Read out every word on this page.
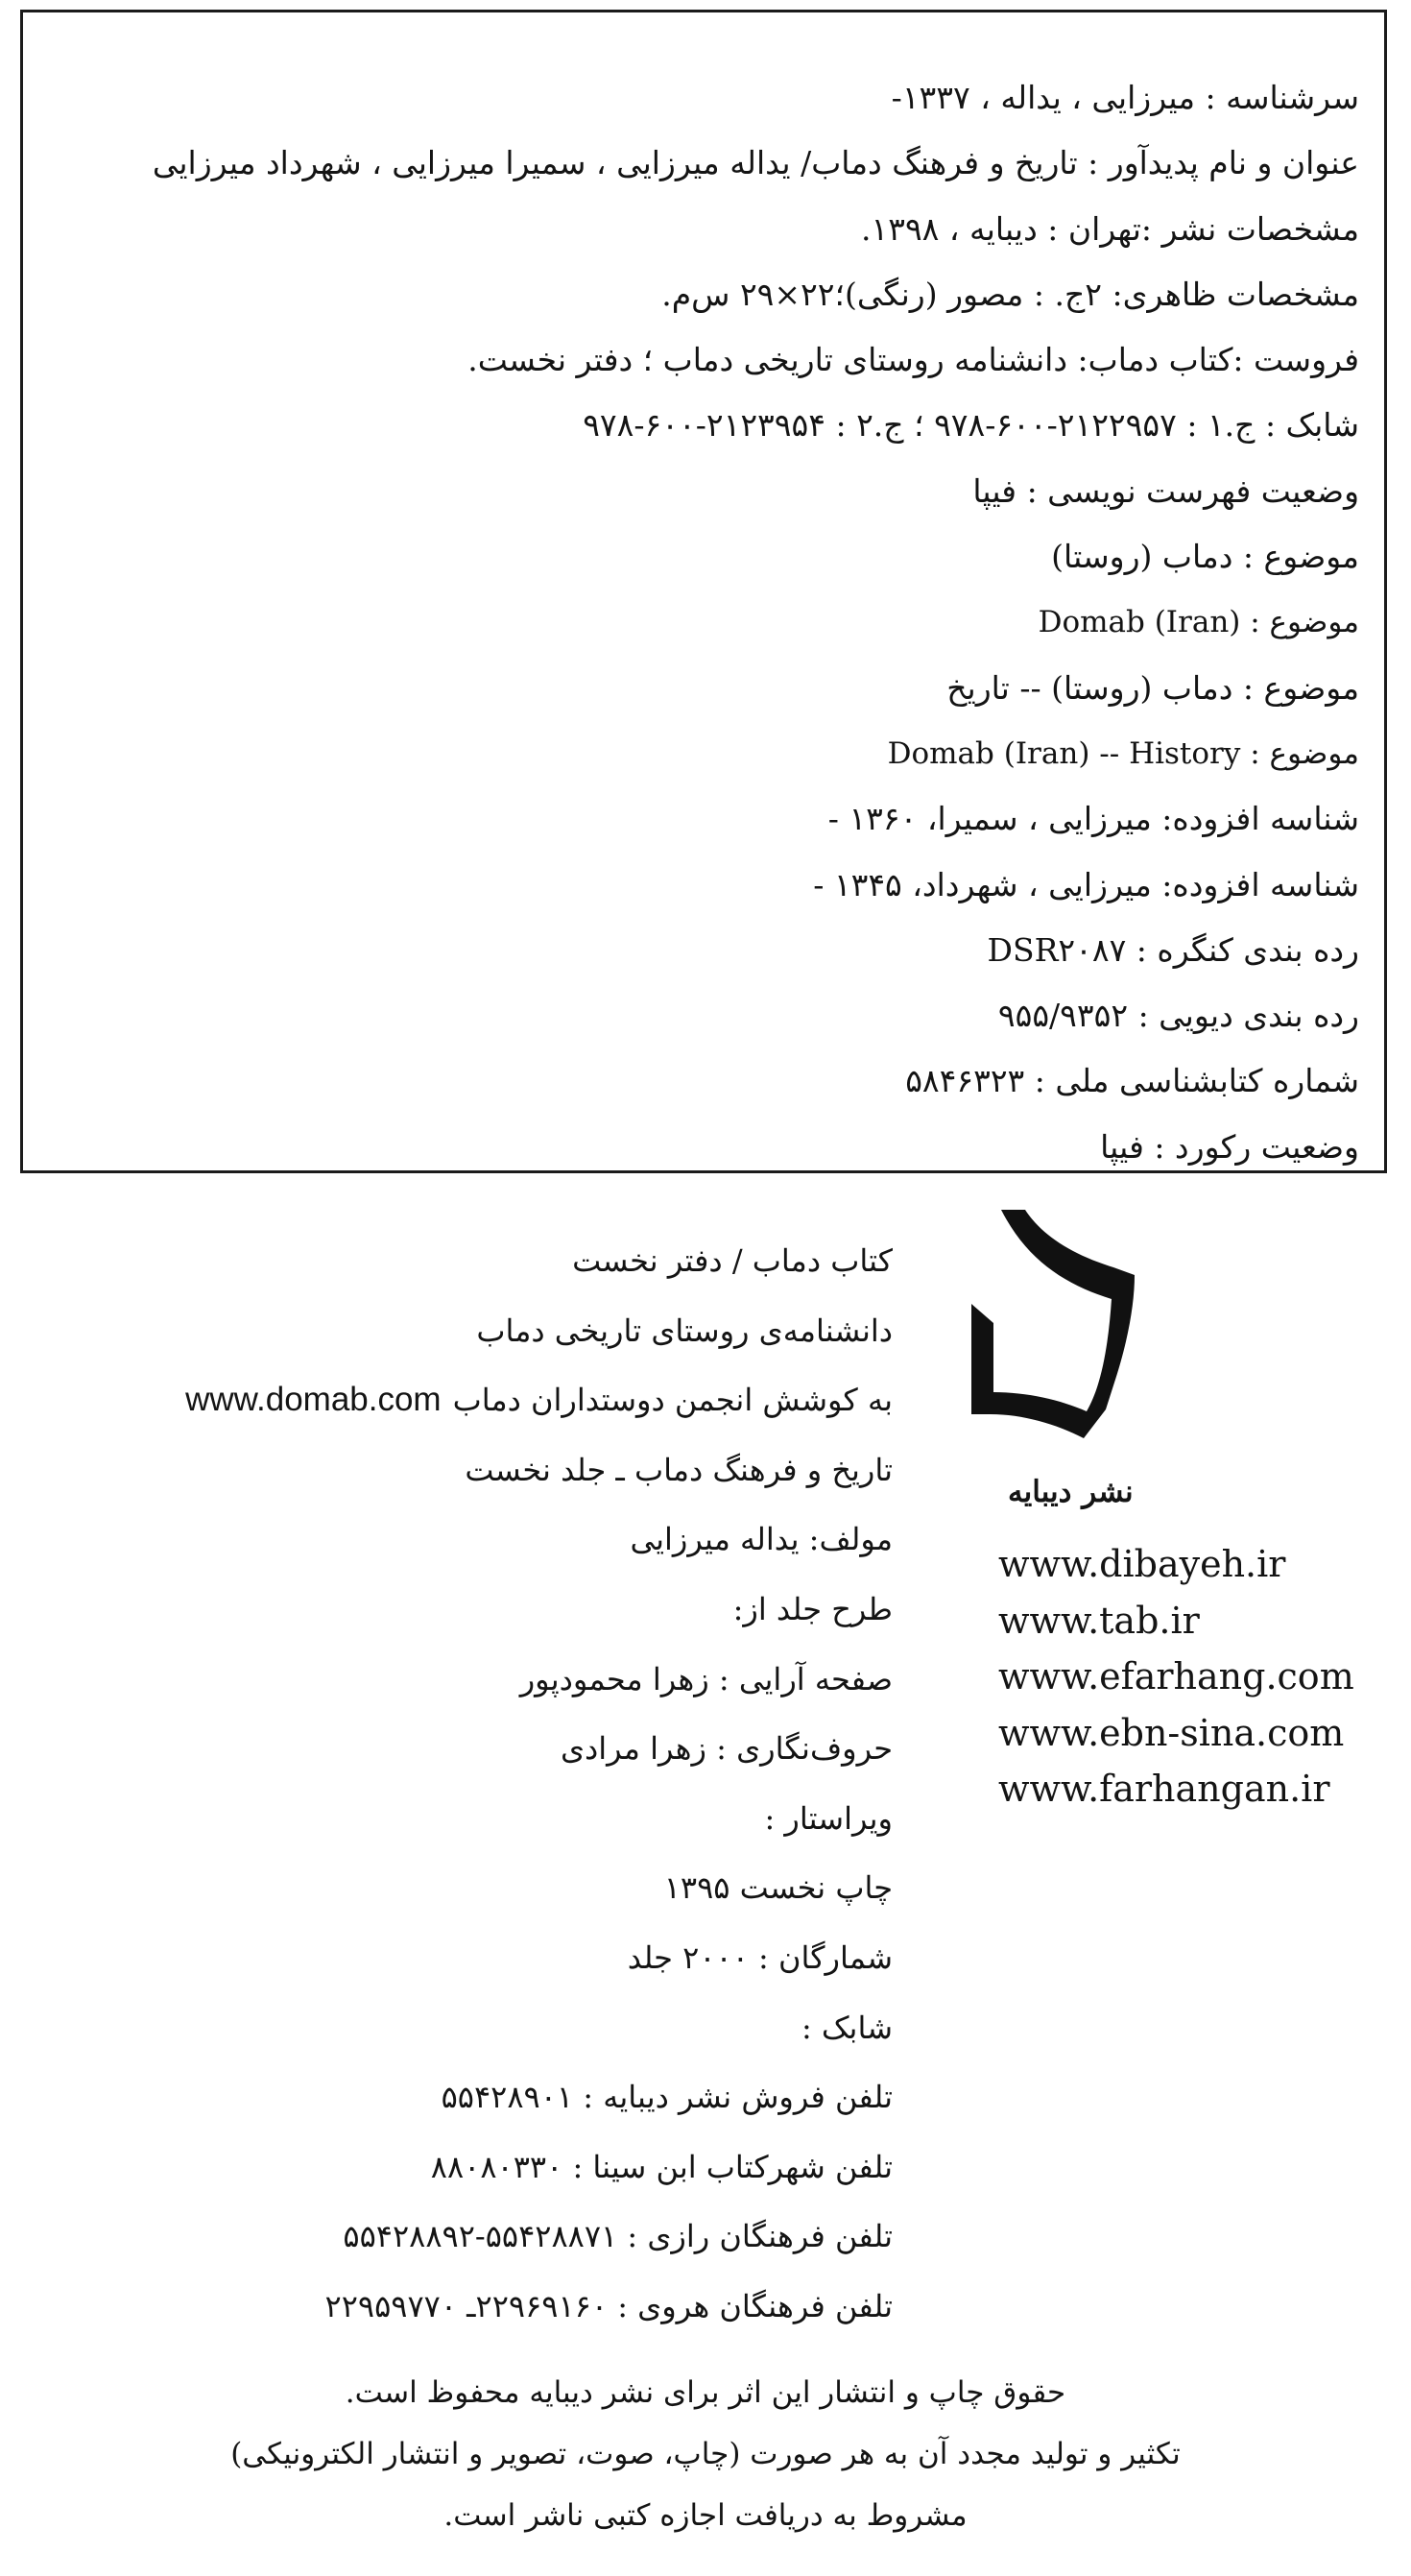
سرشناسه : میرزایی ، یداله ، ۱۳۳۷-
عنوان و نام پدیدآور : تاریخ و فرهنگ دماب/ یداله میرزایی ، سمیرا میرزایی ، شهرداد میرزایی
مشخصات نشر :تهران : دیبایه ، ۱۳۹۸.
مشخصات ظاهری: ۲ج. : مصور (رنگی)؛۲۲×۲۹ س‌م.
فروست :کتاب دماب: دانشنامه روستای تاریخی دماب ؛ دفتر نخست.
شابک : ج.۱ : ۲۱۲۲۹۵۷-۶۰۰-۹۷۸ ؛ ج.۲ : ۲۱۲۳۹۵۴-۶۰۰-۹۷۸
وضعیت فهرست نویسی : فیپا
موضوع : دماب (روستا)
موضوع : Domab (Iran)
موضوع : دماب (روستا) -- تاریخ
موضوع : Domab (Iran) -- History
شناسه افزوده: میرزایی ، سمیرا، ۱۳۶۰ -
شناسه افزوده: میرزایی ، شهرداد، ۱۳۴۵ -
رده بندی کنگره : DSR۲۰۸۷
رده بندی دیویی : ۹۵۵/۹۳۵۲
شماره کتابشناسی ملی : ۵۸۴۶۳۲۳
وضعیت رکورد : فیپا
کتاب دماب / دفتر نخست
دانشنامه‌ی روستای تاریخی دماب
به کوشش انجمن دوستداران دمابwww.domab.com
تاریخ و فرهنگ دماب ـ جلد نخست
مولف: یداله میرزایی
طرح جلد از:
صفحه آرایی : زهرا محمودپور
حروف‌نگاری : زهرا مرادی
ویراستار :
چاپ نخست ۱۳۹۵
شمارگان : ۲۰۰۰ جلد
شابک :
تلفن فروش نشر دیبایه : ۵۵۴۲۸۹۰۱
تلفن شهرکتاب ابن سینا : ۸۸۰۸۰۳۳۰
تلفن فرهنگان رازی : ۵۵۴۲۸۸۷۱-۵۵۴۲۸۸۹۲
تلفن فرهنگان هروی : ۲۲۹۶۹۱۶۰ـ ۲۲۹۵۹۷۷۰
نشر دیبایه
www.dibayeh.ir
www.tab.ir
www.efarhang.com
www.ebn-sina.com
www.farhangan.ir
حقوق چاپ و انتشار این اثر برای نشر دیبایه محفوظ است.
تکثیر و تولید مجدد آن به هر صورت (چاپ، صوت، تصویر و انتشار الکترونیکی)
مشروط به دریافت اجازه کتبی ناشر است.
